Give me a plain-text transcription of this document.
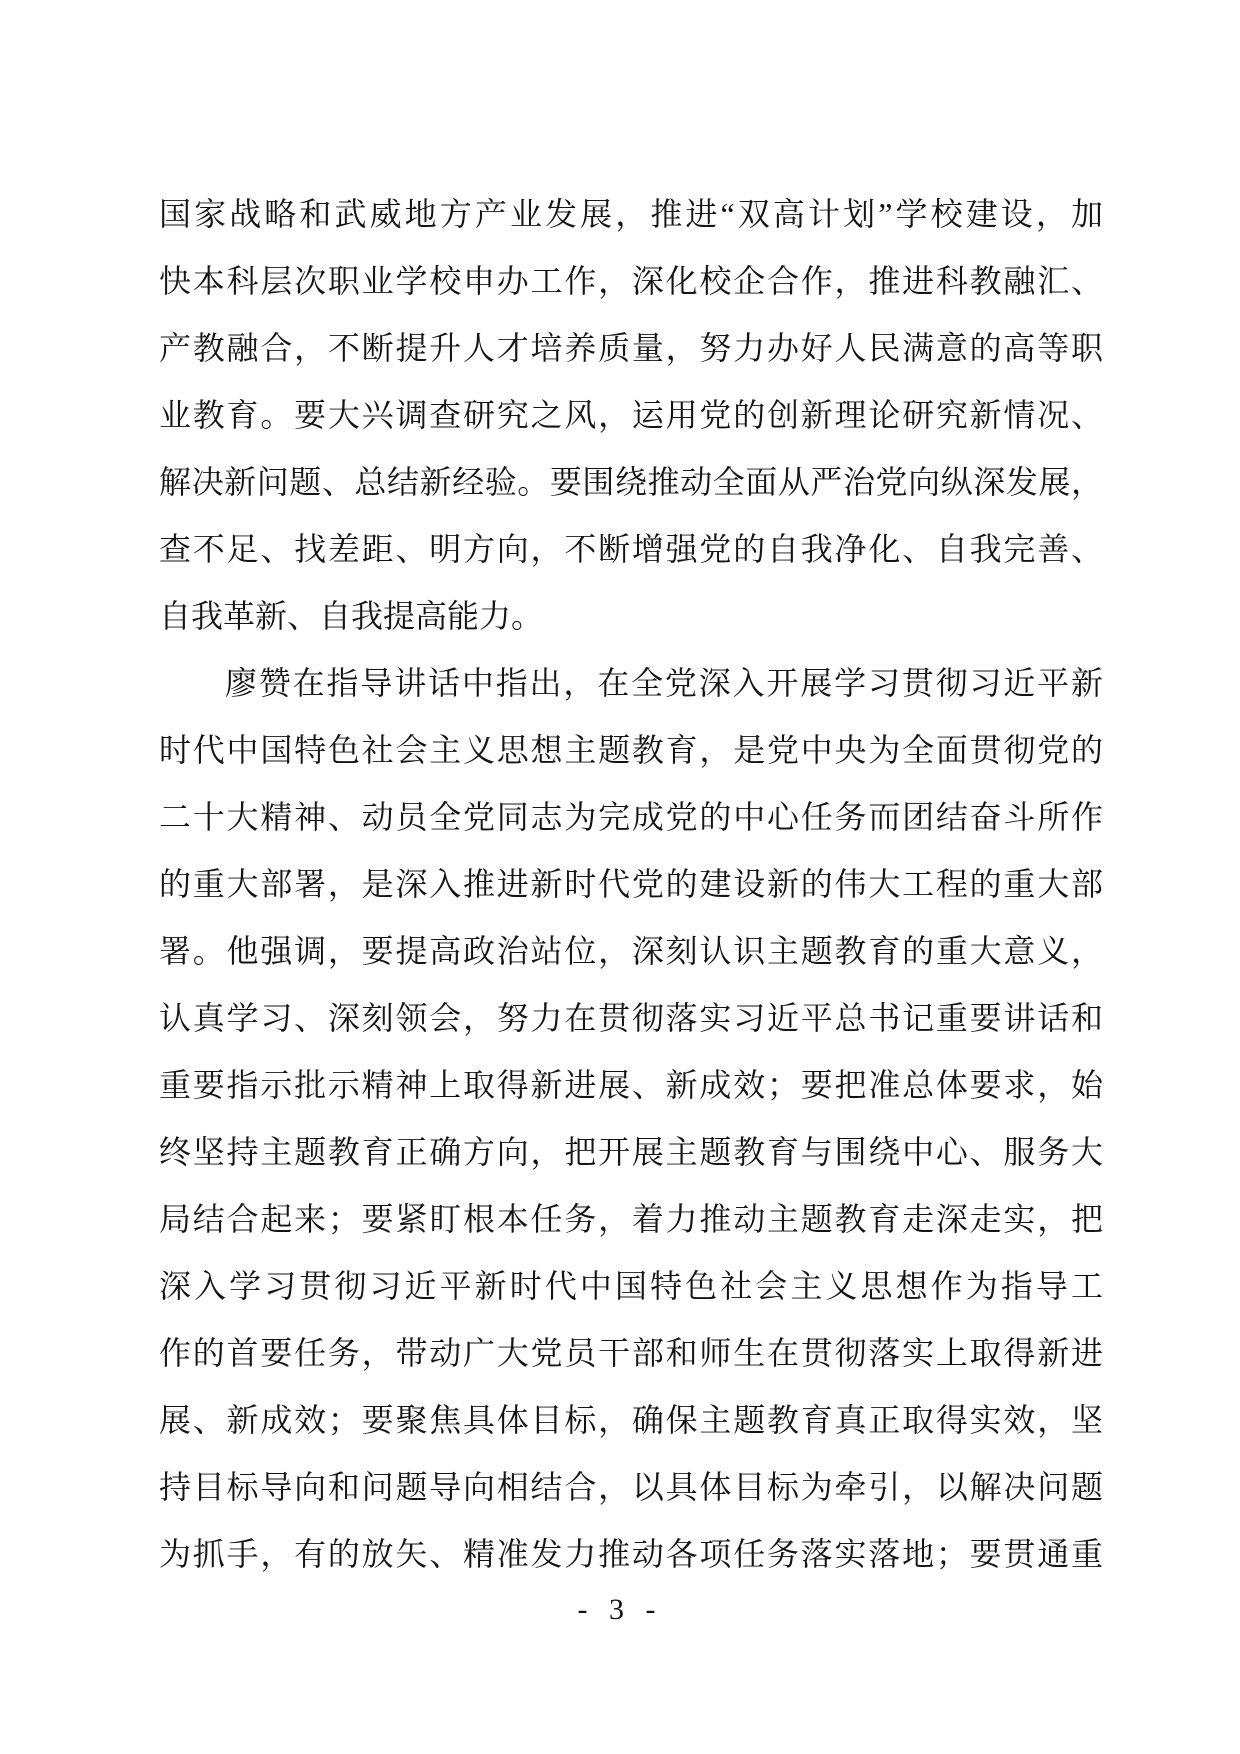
国家战略和武威地方产业发展，推进“双高计划”学校建设，加
快本科层次职业学校申办工作，深化校企合作，推进科教融汇、
产教融合，不断提升人才培养质量，努力办好人民满意的高等职
业教育。要大兴调查研究之风，运用党的创新理论研究新情况、
解决新问题、总结新经验。要围绕推动全面从严治党向纵深发展，
查不足、找差距、明方向，不断增强党的自我净化、自我完善、
自我革新、自我提高能力。
廖赞在指导讲话中指出，在全党深入开展学习贯彻习近平新
时代中国特色社会主义思想主题教育，是党中央为全面贯彻党的
二十大精神、动员全党同志为完成党的中心任务而团结奋斗所作
的重大部署，是深入推进新时代党的建设新的伟大工程的重大部
署。他强调，要提高政治站位，深刻认识主题教育的重大意义，
认真学习、深刻领会，努力在贯彻落实习近平总书记重要讲话和
重要指示批示精神上取得新进展、新成效；要把准总体要求，始
终坚持主题教育正确方向，把开展主题教育与围绕中心、服务大
局结合起来；要紧盯根本任务，着力推动主题教育走深走实，把
深入学习贯彻习近平新时代中国特色社会主义思想作为指导工
作的首要任务，带动广大党员干部和师生在贯彻落实上取得新进
展、新成效；要聚焦具体目标，确保主题教育真正取得实效，坚
持目标导向和问题导向相结合，以具体目标为牵引，以解决问题
为抓手，有的放矢、精准发力推动各项任务落实落地；要贯通重
- 3 -
